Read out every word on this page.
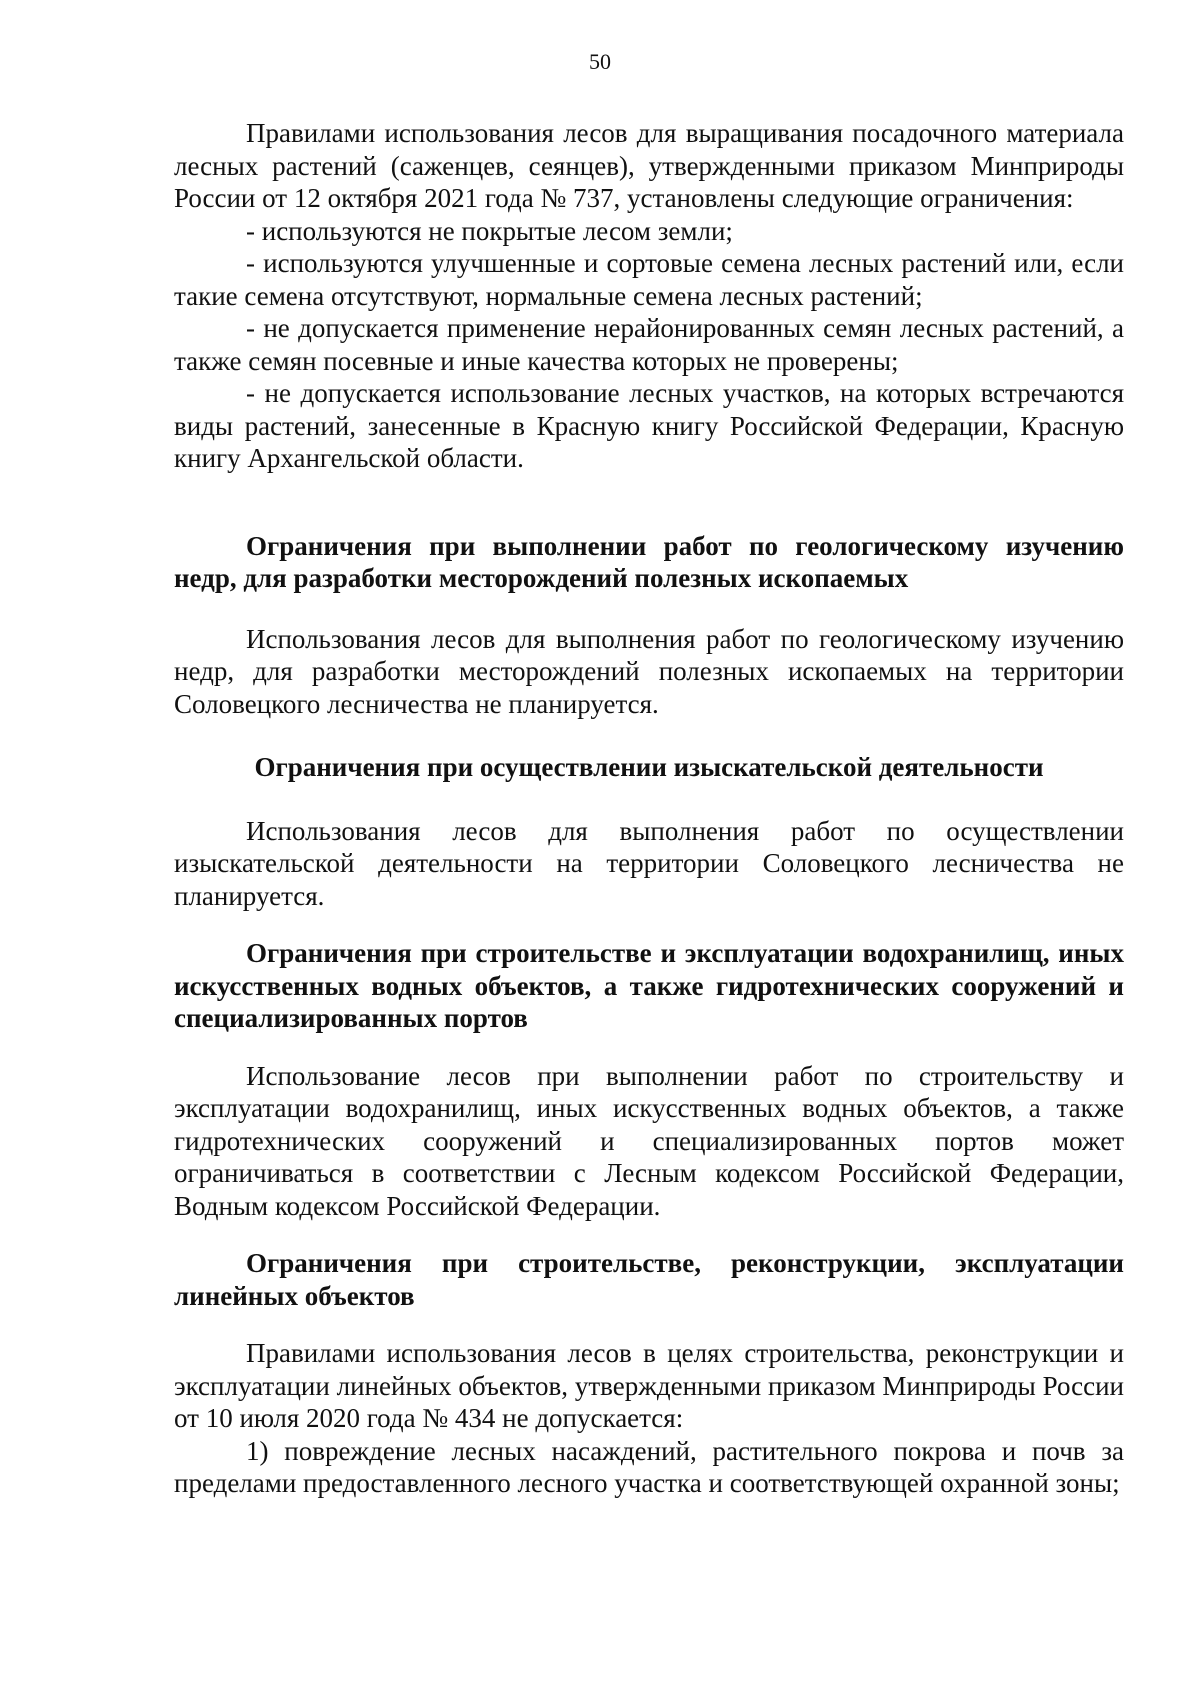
50

Правилами использования лесов для выращивания посадочного материала лесных растений (саженцев, сеянцев), утвержденными приказом Минприроды России от 12 октября 2021 года № 737, установлены следующие ограничения:

- используются не покрытые лесом земли;

- используются улучшенные и сортовые семена лесных растений или, если такие семена отсутствуют, нормальные семена лесных растений;

- не допускается применение нерайонированных семян лесных растений, а также семян посевные и иные качества которых не проверены;

- не допускается использование лесных участков, на которых встречаются виды растений, занесенные в Красную книгу Российской Федерации, Красную книгу Архангельской области.

Ограничения при выполнении работ по геологическому изучению недр, для разработки месторождений полезных ископаемых

Использования лесов для выполнения работ по геологическому изучению недр, для разработки месторождений полезных ископаемых на территории Соловецкого лесничества не планируется.

Ограничения при осуществлении изыскательской деятельности

Использования лесов для выполнения работ по осуществлении изыскательской деятельности на территории Соловецкого лесничества не планируется.

Ограничения при строительстве и эксплуатации водохранилищ, иных искусственных водных объектов, а также гидротехнических сооружений и специализированных портов

Использование лесов при выполнении работ по строительству и эксплуатации водохранилищ, иных искусственных водных объектов, а также гидротехнических сооружений и специализированных портов может ограничиваться в соответствии с Лесным кодексом Российской Федерации, Водным кодексом Российской Федерации.

Ограничения при строительстве, реконструкции, эксплуатации линейных объектов

Правилами использования лесов в целях строительства, реконструкции и эксплуатации линейных объектов, утвержденными приказом Минприроды России от 10 июля 2020 года № 434 не допускается:

1) повреждение лесных насаждений, растительного покрова и почв за пределами предоставленного лесного участка и соответствующей охранной зоны;
